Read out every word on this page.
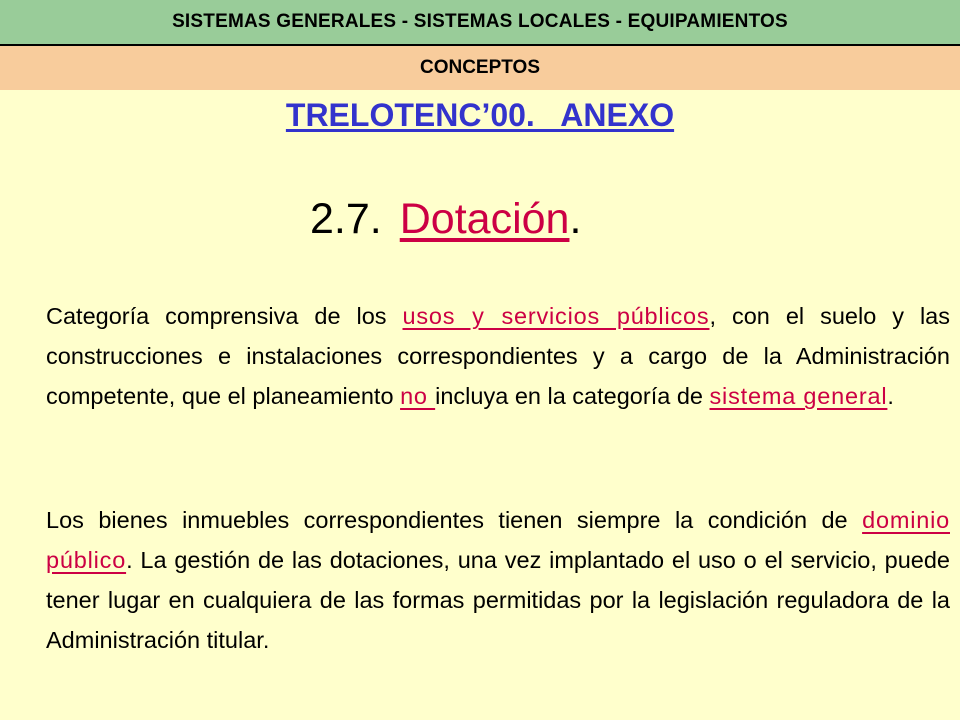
SISTEMAS GENERALES - SISTEMAS LOCALES - EQUIPAMIENTOS
CONCEPTOS
TRELOTENC’00.   ANEXO
2.7. Dotación.
Categoría comprensiva de los usos y servicios públicos, con el suelo y las construcciones e instalaciones correspondientes y a cargo de la Administración competente, que el planeamiento no incluya en la categoría de sistema general.
Los bienes inmuebles correspondientes tienen siempre la condición de dominio público. La gestión de las dotaciones, una vez implantado el uso o el servicio, puede tener lugar en cualquiera de las formas permitidas por la legislación reguladora de la Administración titular.
